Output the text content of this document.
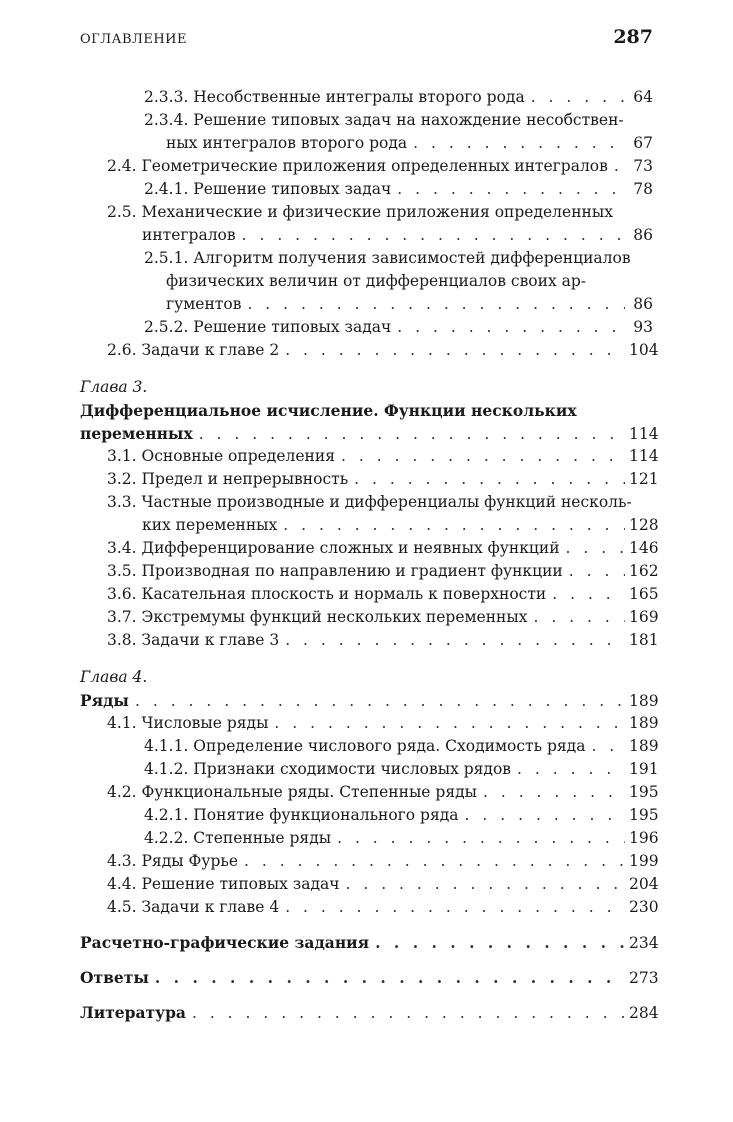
ОГЛАВЛЕНИЕ	287
2.3.3. Несобственные интегралы второго рода . . .	64
2.3.4. Решение типовых задач на нахождение несобствен-
ных интегралов второго рода . . .	67
2.4. Геометрические приложения определенных интегралов . . . 73
2.4.1. Решение типовых задач . . .	78
2.5. Механические и физические приложения определенных
интегралов . . .	86
2.5.1. Алгоритм получения зависимостей дифференциалов
физических величин от дифференциалов своих ар-
гументов . . .	86
2.5.2. Решение типовых задач . . .	93
2.6. Задачи к главе 2 . . .	104
Глава 3.
Дифференциальное исчисление. Функции нескольких
переменных . . .	114
3.1. Основные определения . . .	114
3.2. Предел и непрерывность . . .	121
3.3. Частные производные и дифференциалы функций несколь-
ких переменных . . .	128
3.4. Дифференцирование сложных и неявных функций . . .	146
3.5. Производная по направлению и градиент функции . . .	162
3.6. Касательная плоскость и нормаль к поверхности . . .	165
3.7. Экстремумы функций нескольких переменных . . .	169
3.8. Задачи к главе 3 . . .	181
Глава 4.
Ряды . . .	189
4.1. Числовые ряды . . .	189
4.1.1. Определение числового ряда. Сходимость ряда . . .	189
4.1.2. Признаки сходимости числовых рядов . . .	191
4.2. Функциональные ряды. Степенные ряды . . .	195
4.2.1. Понятие функционального ряда . . .	195
4.2.2. Степенные ряды . . .	196
4.3. Ряды Фурье . . .	199
4.4. Решение типовых задач . . .	204
4.5. Задачи к главе 4 . . .	230
Расчетно-графические задания . . .	234
Ответы . . .	273
Литература . . .	284
